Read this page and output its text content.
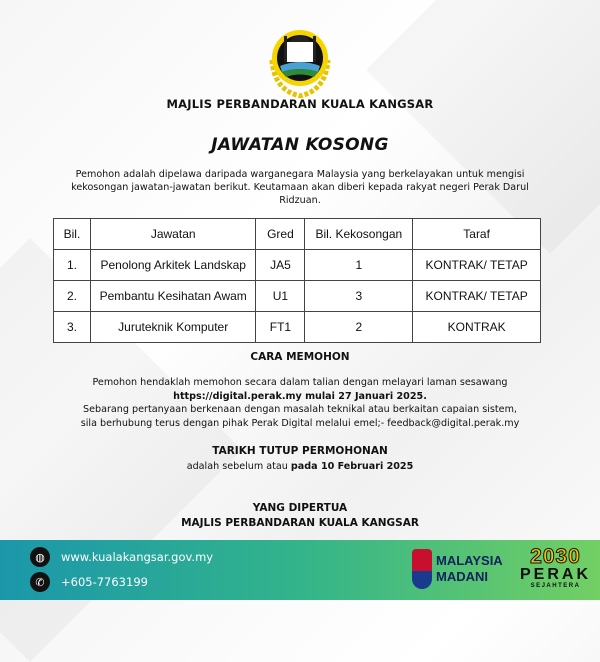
MAJLIS PERBANDARAN KUALA KANGSAR
JAWATAN KOSONG
Pemohon adalah dipelawa daripada warganegara Malaysia yang berkelayakan untuk mengisi kekosongan jawatan-jawatan berikut. Keutamaan akan diberi kepada rakyat negeri Perak Darul Ridzuan.
Bil.	Jawatan	Gred	Bil. Kekosongan	Taraf
1.	Penolong Arkitek Landskap	JA5	1	KONTRAK/ TETAP
2.	Pembantu Kesihatan Awam	U1	3	KONTRAK/ TETAP
3.	Juruteknik Komputer	FT1	2	KONTRAK
CARA MEMOHON
Pemohon hendaklah memohon secara dalam talian dengan melayari laman sesawang
https://digital.perak.my mulai 27 Januari 2025.
Sebarang pertanyaan berkenaan dengan masalah teknikal atau berkaitan capaian sistem,
sila berhubung terus dengan pihak Perak Digital melalui emel;- feedback@digital.perak.my
TARIKH TUTUP PERMOHONAN
adalah sebelum atau pada 10 Februari 2025
YANG DIPERTUA
MAJLIS PERBANDARAN KUALA KANGSAR
◍	www.kualakangsar.gov.my
✆	+605-7763199
MALAYSIA
MADANI
2030
PERAK
SEJAHTERA
